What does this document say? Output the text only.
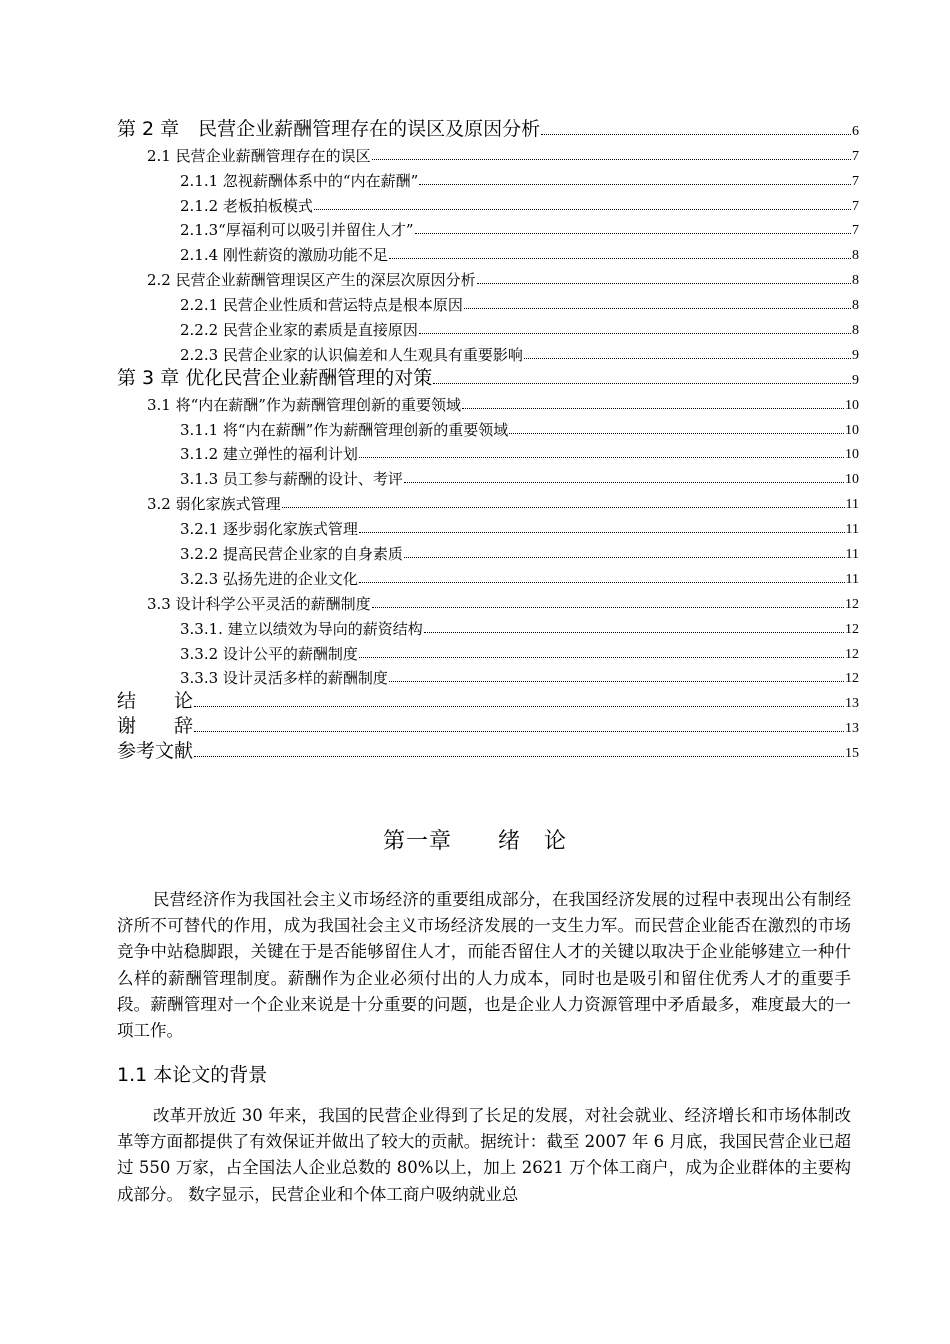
第 2 章　民营企业薪酬管理存在的误区及原因分析	6
2.1 民营企业薪酬管理存在的误区	7
2.1.1 忽视薪酬体系中的“内在薪酬”	7
2.1.2 老板拍板模式	7
2.1.3“厚福利可以吸引并留住人才”	7
2.1.4 刚性薪资的激励功能不足	8
2.2 民营企业薪酬管理误区产生的深层次原因分析	8
2.2.1 民营企业性质和营运特点是根本原因	8
2.2.2 民营企业家的素质是直接原因	8
2.2.3 民营企业家的认识偏差和人生观具有重要影响	9
第 3 章 优化民营企业薪酬管理的对策	9
3.1 将“内在薪酬”作为薪酬管理创新的重要领域	10
3.1.1 将“内在薪酬”作为薪酬管理创新的重要领域	10
3.1.2 建立弹性的福利计划	10
3.1.3 员工参与薪酬的设计、考评	10
3.2 弱化家族式管理	11
3.2.1 逐步弱化家族式管理	11
3.2.2 提高民营企业家的自身素质	11
3.2.3 弘扬先进的企业文化	11
3.3 设计科学公平灵活的薪酬制度	12
3.3.1. 建立以绩效为导向的薪资结构	12
3.3.2 设计公平的薪酬制度	12
3.3.3 设计灵活多样的薪酬制度	12
结　　论	13
谢　　辞	13
参考文献	15
第一章　　绪　论

民营经济作为我国社会主义市场经济的重要组成部分，在我国经济发展的过程中表现出公有制经济所不可替代的作用，成为我国社会主义市场经济发展的一支生力军。而民营企业能否在激烈的市场竞争中站稳脚跟，关键在于是否能够留住人才，而能否留住人才的关键以取决于企业能够建立一种什么样的薪酬管理制度。薪酬作为企业必须付出的人力成本，同时也是吸引和留住优秀人才的重要手段。薪酬管理对一个企业来说是十分重要的问题，也是企业人力资源管理中矛盾最多，难度最大的一项工作。

1.1 本论文的背景

改革开放近 30 年来，我国的民营企业得到了长足的发展，对社会就业、经济增长和市场体制改革等方面都提供了有效保证并做出了较大的贡献。据统计：截至 2007 年 6 月底，我国民营企业已超过 550 万家，占全国法人企业总数的 80%以上，加上 2621 万个体工商户，成为企业群体的主要构成部分。 数字显示，民营企业和个体工商户吸纳就业总
